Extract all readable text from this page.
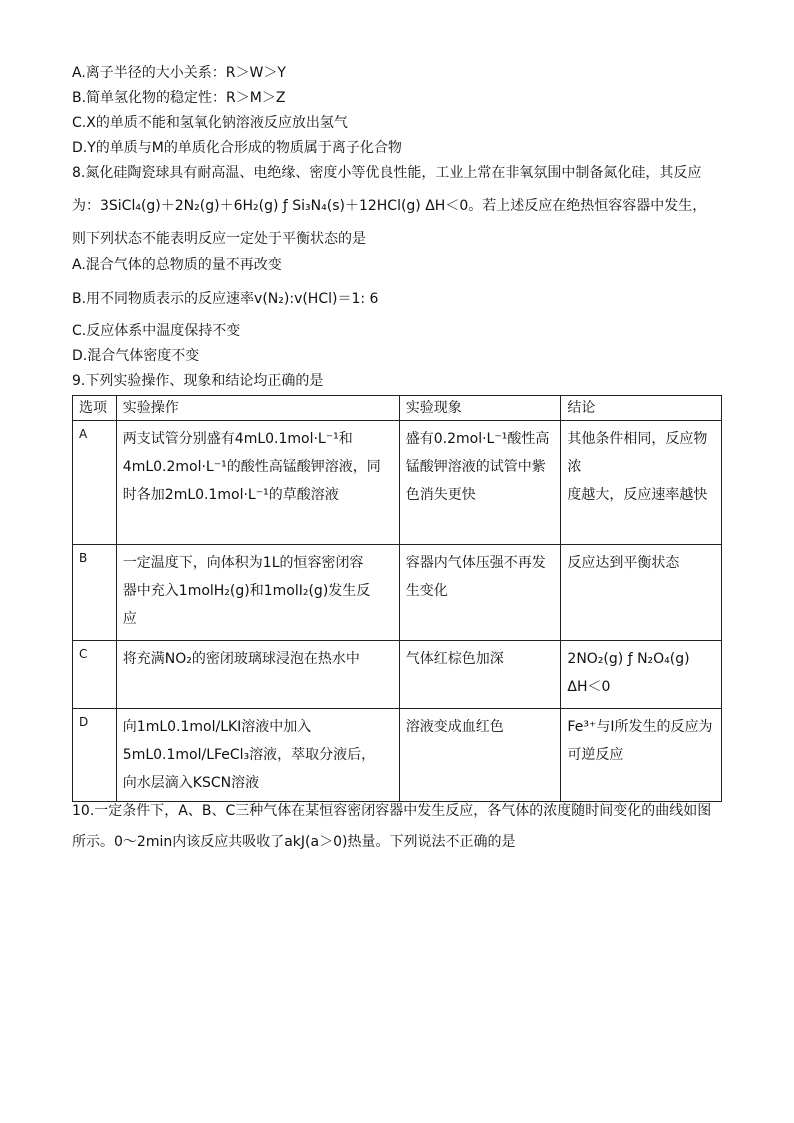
A.离子半径的大小关系：R＞W＞Y
B.简单氢化物的稳定性：R＞M＞Z
C.X的单质不能和氢氧化钠溶液反应放出氢气
D.Y的单质与M的单质化合形成的物质属于离子化合物
8.氮化硅陶瓷球具有耐高温、电绝缘、密度小等优良性能，工业上常在非氧氛围中制备氮化硅，其反应
为：3SiCl₄(g)＋2N₂(g)＋6H₂(g) ƒ Si₃N₄(s)＋12HCl(g) ΔH＜0。若上述反应在绝热恒容容器中发生，
则下列状态不能表明反应一定处于平衡状态的是
A.混合气体的总物质的量不再改变
B.用不同物质表示的反应速率v(N₂):v(HCl)＝1: 6
C.反应体系中温度保持不变
D.混合气体密度不变
9.下列实验操作、现象和结论均正确的是
选项	实验操作	实验现象	结论
A	两支试管分别盛有4mL0.1mol·L⁻¹和
4mL0.2mol·L⁻¹的酸性高锰酸钾溶液，同
时各加2mL0.1mol·L⁻¹的草酸溶液	盛有0.2mol·L⁻¹酸性高
锰酸钾溶液的试管中紫
色消失更快	其他条件相同，反应物浓
度越大，反应速率越快
B	一定温度下，向体积为1L的恒容密闭容
器中充入1molH₂(g)和1molI₂(g)发生反
应	容器内气体压强不再发
生变化	反应达到平衡状态
C	将充满NO₂的密闭玻璃球浸泡在热水中	气体红棕色加深	2NO₂(g) ƒ N₂O₄(g)
ΔH＜0
D	向1mL0.1mol/LKI溶液中加入
5mL0.1mol/LFeCl₃溶液，萃取分液后，
向水层滴入KSCN溶液	溶液变成血红色	Fe³⁺与I所发生的反应为
可逆反应
10.一定条件下，A、B、C三种气体在某恒容密闭容器中发生反应，各气体的浓度随时间变化的曲线如图
所示。0～2min内该反应共吸收了akJ(a＞0)热量。下列说法不正确的是
